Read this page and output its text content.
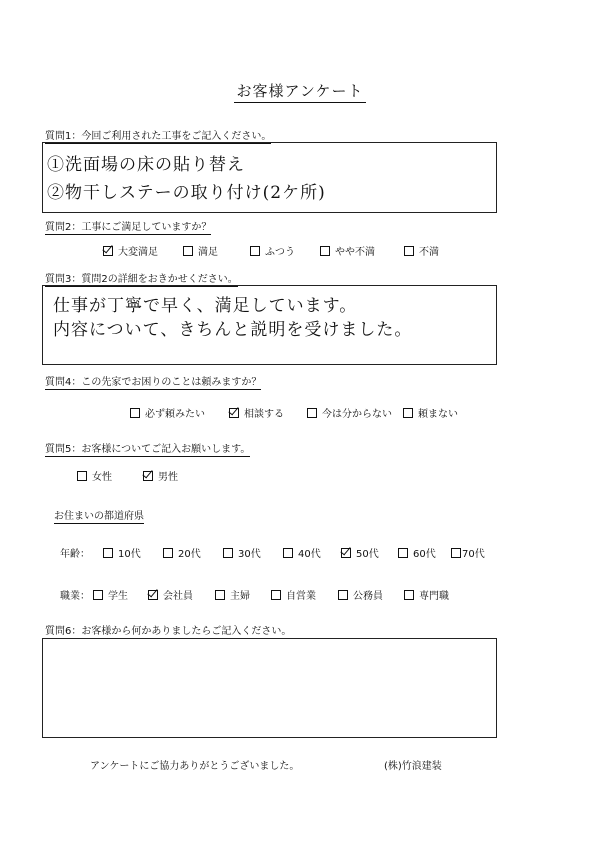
お客様アンケート
質問1：今回ご利用された工事をご記入ください。
①洗面場の床の貼り替え
②物干しステーの取り付け(2ケ所)
質問2：工事にご満足していますか？
大変満足	満足	ふつう	やや不満	不満
質問3：質問2の詳細をおきかせください。
仕事が丁寧で早く、満足しています。
内容について、きちんと説明を受けました。
質問4：この先家でお困りのことは頼みますか？
必ず頼みたい	相談する	今は分からない	頼まない
質問5：お客様についてご記入お願いします。
女性	男性
お住まいの都道府県
年齢：	10代	20代	30代	40代	50代	60代	70代
職業：	学生	会社員	主婦	自営業	公務員	専門職
質問6：お客様から何かありましたらご記入ください。
アンケートにご協力ありがとうございました。	(株)竹浪建装
